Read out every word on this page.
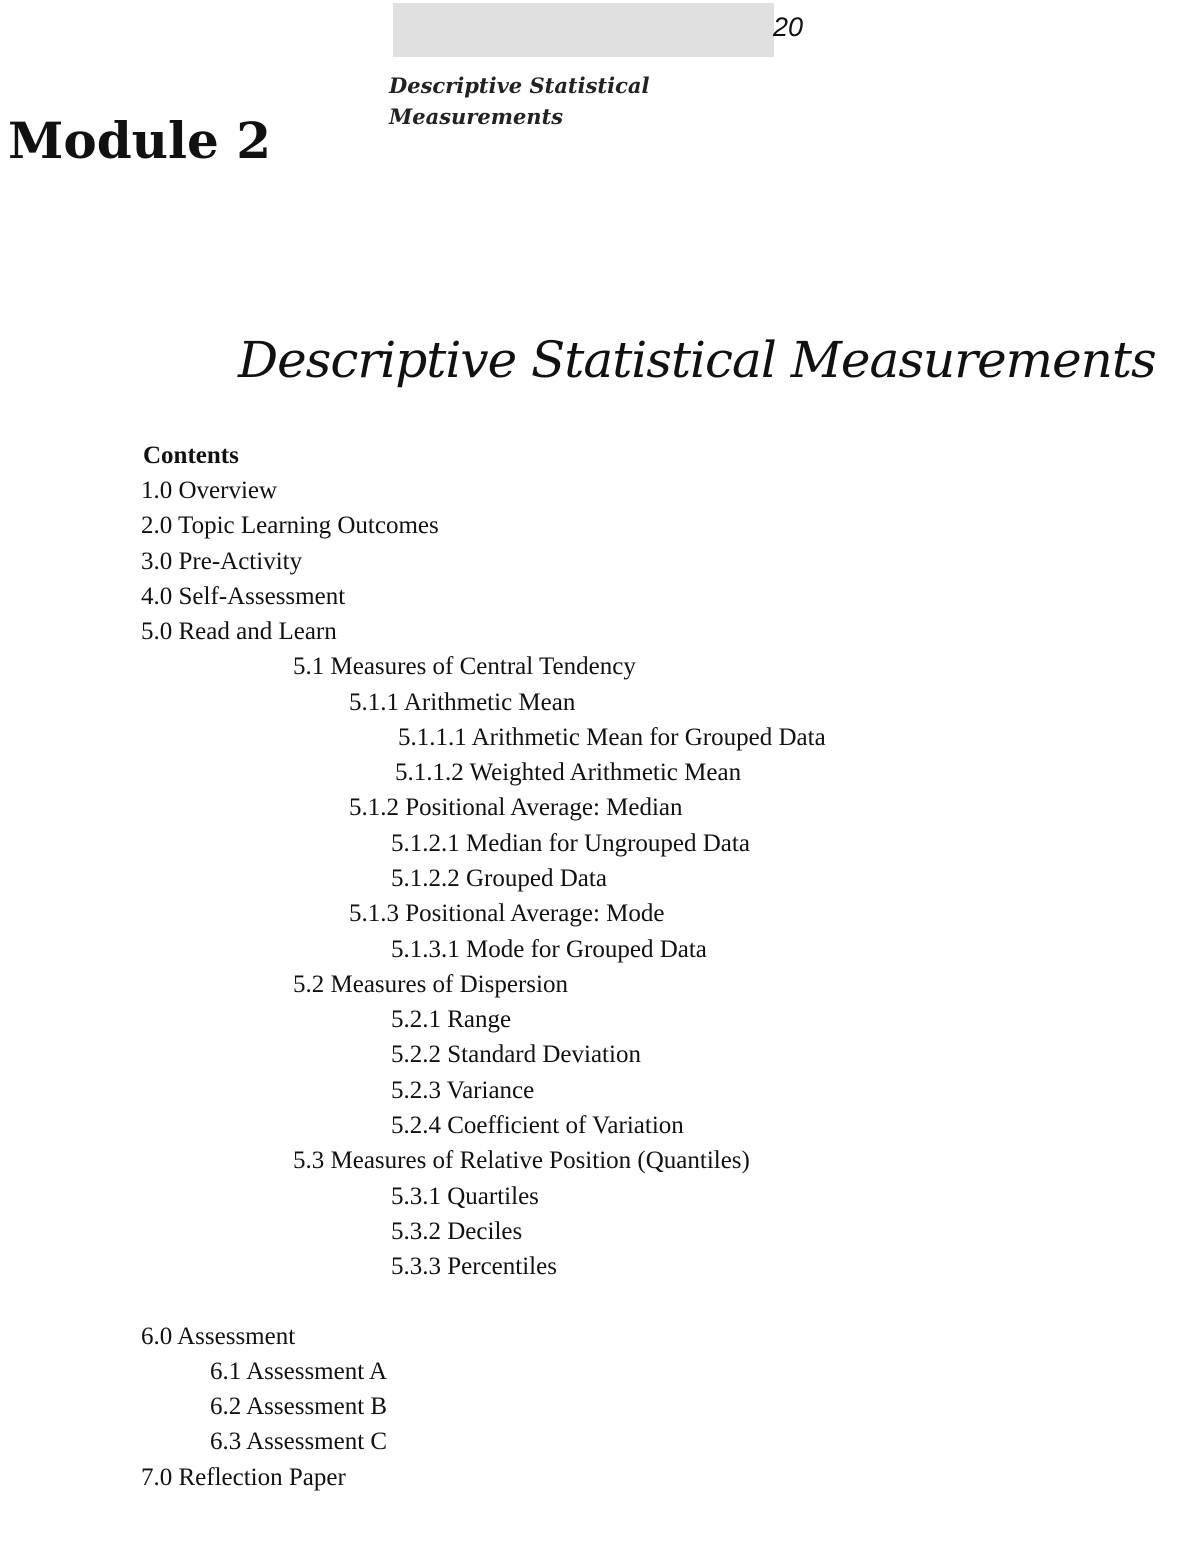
20
Descriptive Statistical
Measurements
Module 2
Descriptive Statistical Measurements
Contents
1.0 Overview
2.0 Topic Learning Outcomes
3.0 Pre-Activity
4.0 Self-Assessment
5.0 Read and Learn
5.1 Measures of Central Tendency
5.1.1 Arithmetic Mean
5.1.1.1 Arithmetic Mean for Grouped Data
5.1.1.2 Weighted Arithmetic Mean
5.1.2 Positional Average: Median
5.1.2.1 Median for Ungrouped Data
5.1.2.2 Grouped Data
5.1.3 Positional Average: Mode
5.1.3.1 Mode for Grouped Data
5.2 Measures of Dispersion
5.2.1 Range
5.2.2 Standard Deviation
5.2.3 Variance
5.2.4 Coefficient of Variation
5.3 Measures of Relative Position (Quantiles)
5.3.1 Quartiles
5.3.2 Deciles
5.3.3 Percentiles
6.0 Assessment
6.1 Assessment A
6.2 Assessment B
6.3 Assessment C
7.0 Reflection Paper
